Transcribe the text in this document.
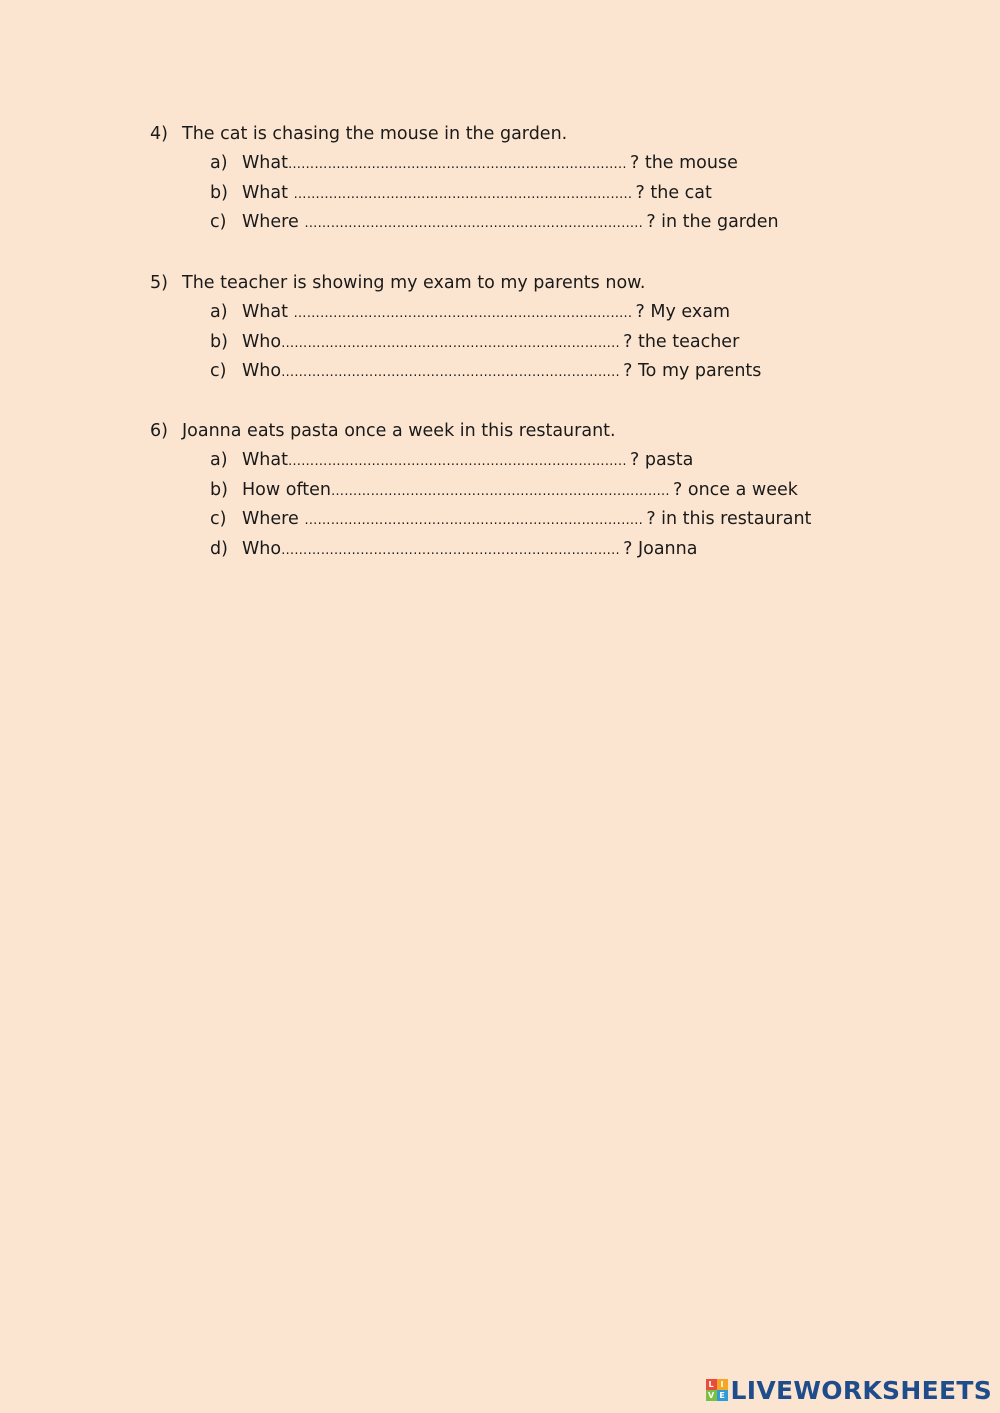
4) The cat is chasing the mouse in the garden.
a) What…………………………………………………………………..	? the mouse
b) What …………………………………………………………………..	? the cat
c) Where …………………………………………………………………..	? in the garden
5) The teacher is showing my exam to my parents now.
a) What …………………………………………………………………..	? My exam
b) Who…………………………………………………………………..	? the teacher
c) Who…………………………………………………………………..	? To my parents
6) Joanna eats pasta once a week in this restaurant.
a) What…………………………………………………………………..	? pasta
b) How often…………………………………………………………………..	? once a week
c) Where …………………………………………………………………..	? in this restaurant
d) Who…………………………………………………………………..	? Joanna
L I
V E LIVEWORKSHEETS
